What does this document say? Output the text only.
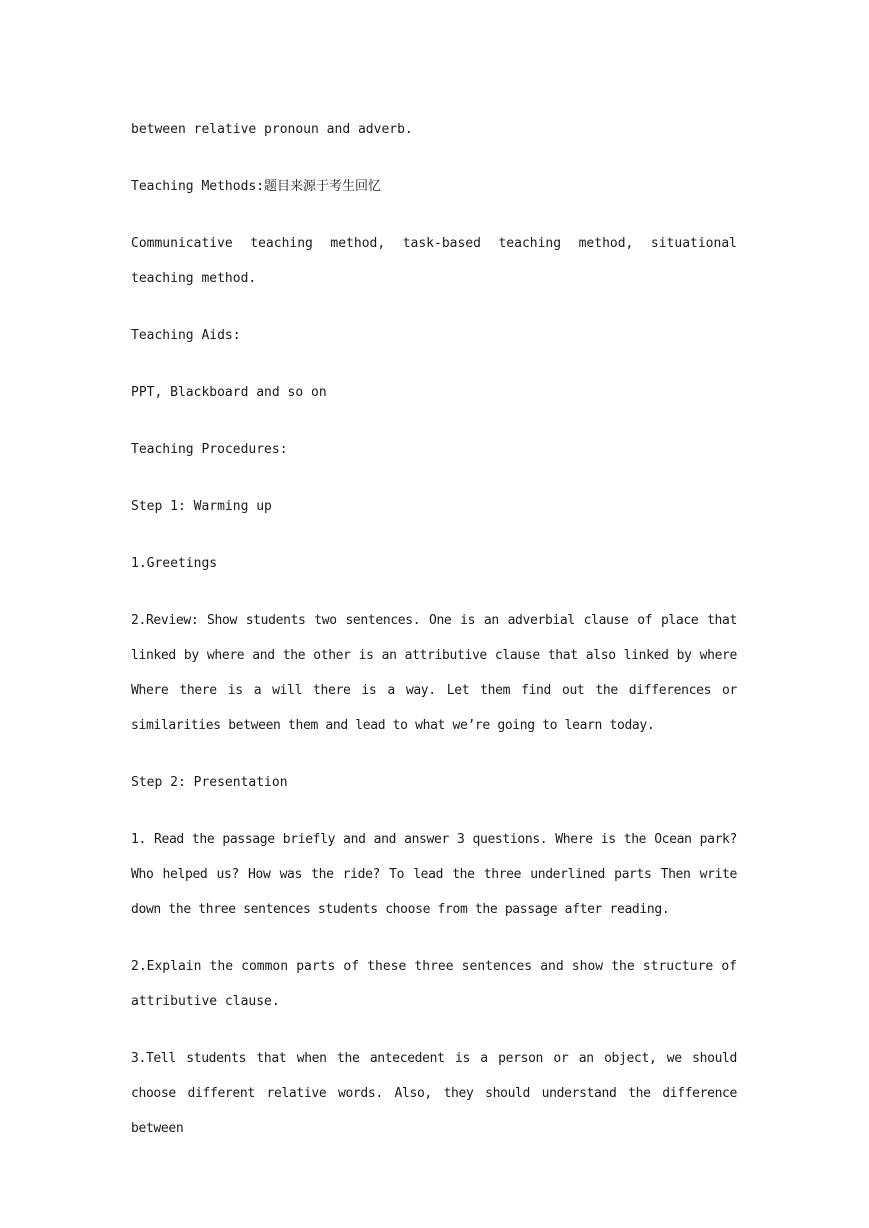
between relative pronoun and adverb.

Teaching Methods:题目来源于考生回忆

Communicative teaching method, task-based teaching method, situational teaching method.

Teaching Aids:

PPT, Blackboard and so on

Teaching Procedures:

Step 1: Warming up

1.Greetings

2.Review: Show students two sentences. One is an adverbial clause of place that linked by where and the other is an attributive clause that also linked by where Where there is a will there is a way. Let them find out the differences or similarities between them and lead to what we’re going to learn today.

Step 2: Presentation

1. Read the passage briefly and and answer 3 questions. Where is the Ocean park? Who helped us? How was the ride? To lead the three underlined parts Then write down the three sentences students choose from the passage after reading.

2.Explain the common parts of these three sentences and show the structure of attributive clause.

3.Tell students that when the antecedent is a person or an object, we should choose different relative words. Also, they should understand the difference between
